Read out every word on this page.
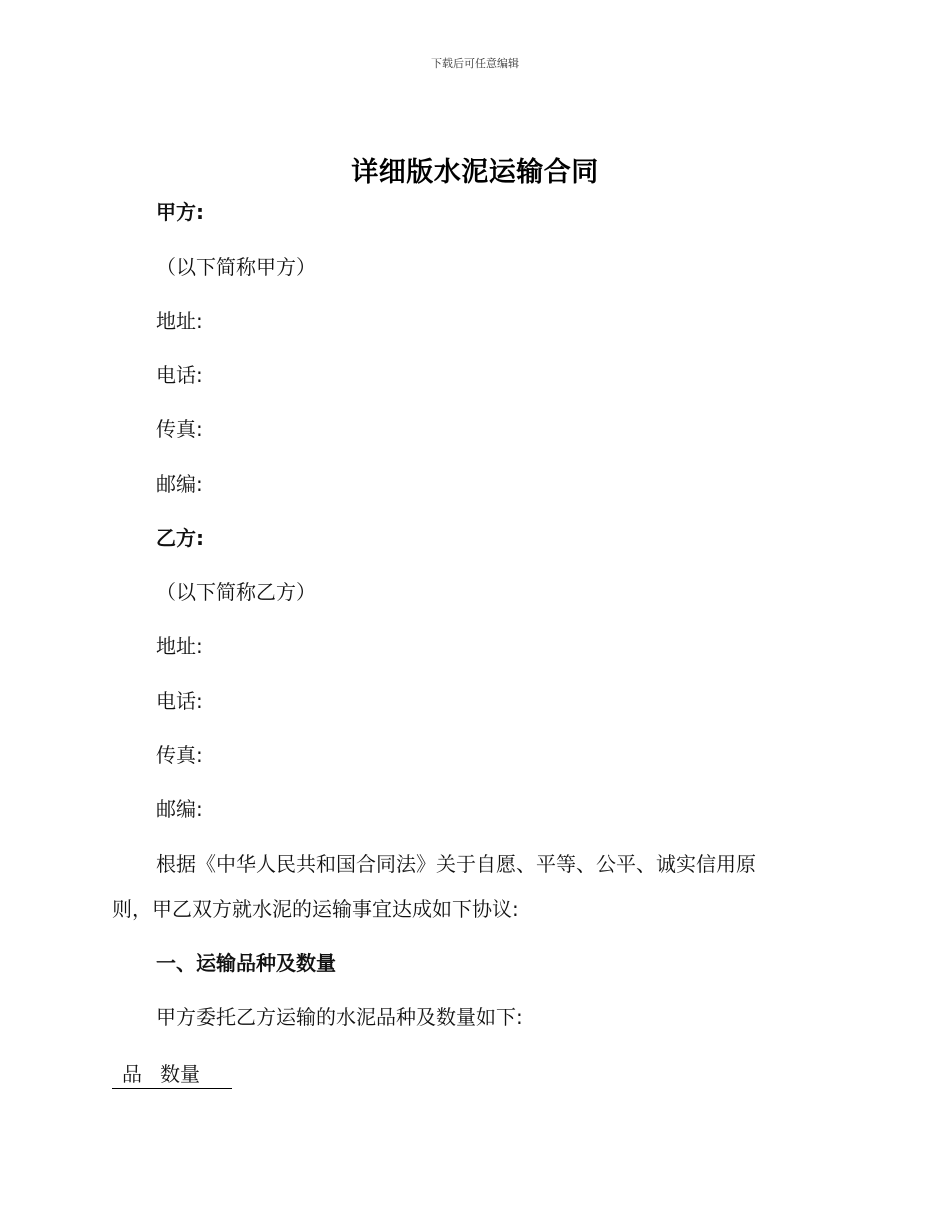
下载后可任意编辑
详细版水泥运输合同
甲方:
（以下简称甲方）
地址:
电话:
传真:
邮编:
乙方:
（以下简称乙方）
地址:
电话:
传真:
邮编:
根据《中华人民共和国合同法》关于自愿、平等、公平、诚实信用原
则，甲乙双方就水泥的运输事宜达成如下协议:
一、运输品种及数量
甲方委托乙方运输的水泥品种及数量如下:
品 数量
